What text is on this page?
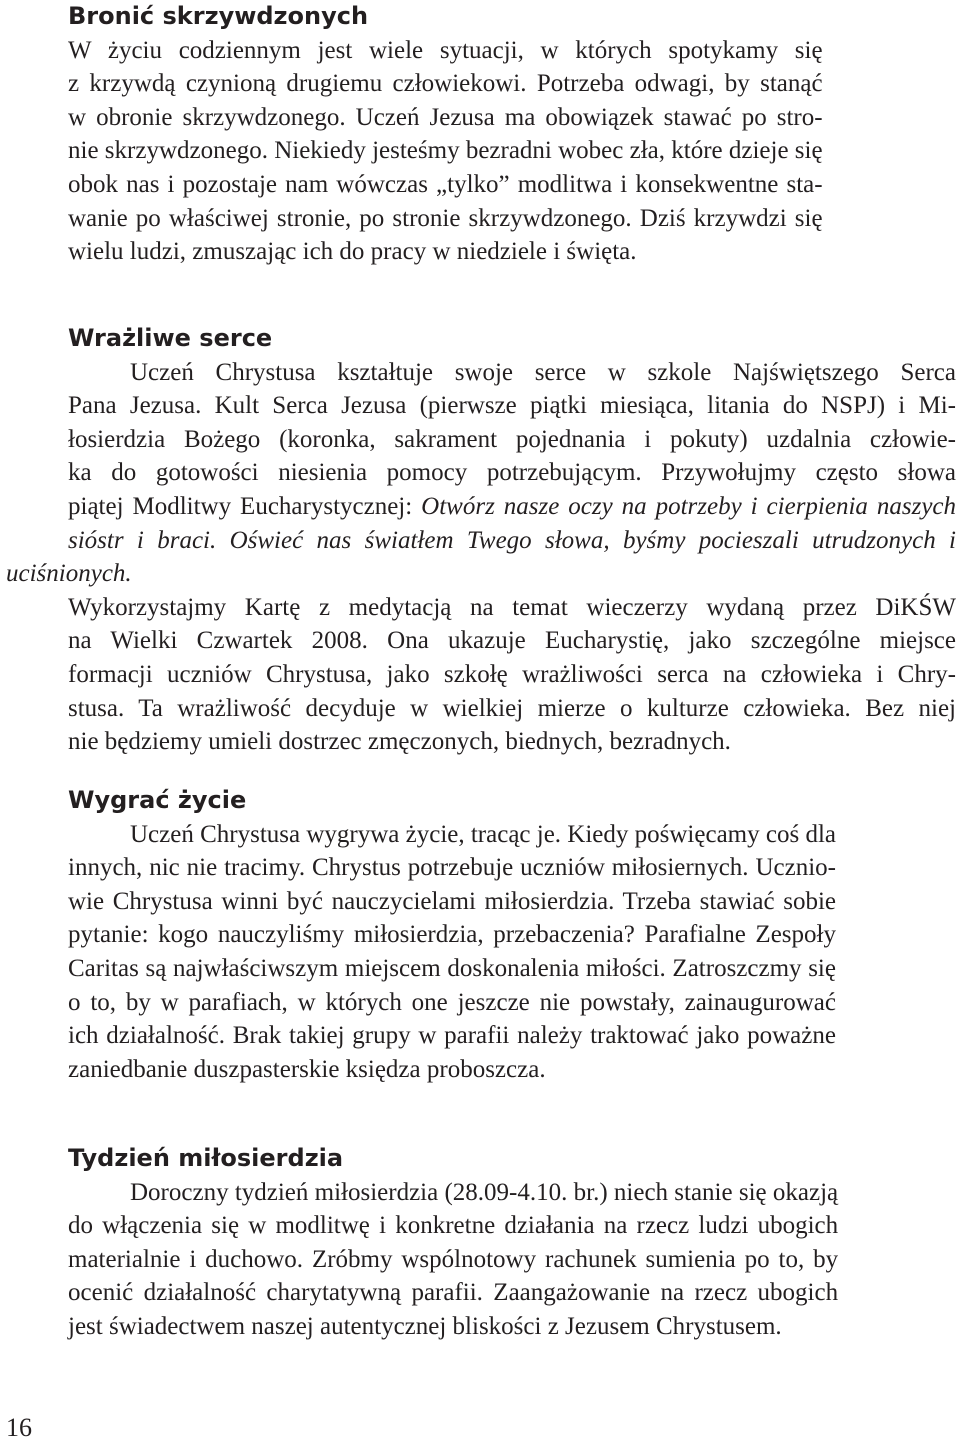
Bronić skrzywdzonych
W życiu codziennym jest wiele sytuacji, w których spotykamy się
z krzywdą czynioną drugiemu człowiekowi. Potrzeba odwagi, by stanąć
w obronie skrzywdzonego. Uczeń Jezusa ma obowiązek stawać po stro-
nie skrzywdzonego. Niekiedy jesteśmy bezradni wobec zła, które dzieje się
obok nas i pozostaje nam wówczas „tylko” modlitwa i konsekwentne sta-
wanie po właściwej stronie, po stronie skrzywdzonego. Dziś krzywdzi się
wielu ludzi, zmuszając ich do pracy w niedziele i święta.
Wrażliwe serce
Uczeń Chrystusa kształtuje swoje serce w szkole Najświętszego Serca
Pana Jezusa. Kult Serca Jezusa (pierwsze piątki miesiąca, litania do NSPJ) i Mi-
łosierdzia Bożego (koronka, sakrament pojednania i pokuty) uzdalnia człowie-
ka do gotowości niesienia pomocy potrzebującym. Przywołujmy często słowa
piątej Modlitwy Eucharystycznej: Otwórz nasze oczy na potrzeby i cierpienia naszych
sióstr i braci. Oświeć nas światłem Twego słowa, byśmy pocieszali utrudzonych i uciśnionych.
Wykorzystajmy Kartę z medytacją na temat wieczerzy wydaną przez DiKŚW
na Wielki Czwartek 2008. Ona ukazuje Eucharystię, jako szczególne miejsce
formacji uczniów Chrystusa, jako szkołę wrażliwości serca na człowieka i Chry-
stusa. Ta wrażliwość decyduje w wielkiej mierze o kulturze człowieka. Bez niej
nie będziemy umieli dostrzec zmęczonych, biednych, bezradnych.
Wygrać życie
Uczeń Chrystusa wygrywa życie, tracąc je. Kiedy poświęcamy coś dla
innych, nic nie tracimy. Chrystus potrzebuje uczniów miłosiernych. Ucznio-
wie Chrystusa winni być nauczycielami miłosierdzia. Trzeba stawiać sobie
pytanie: kogo nauczyliśmy miłosierdzia, przebaczenia? Parafialne Zespoły
Caritas są najwłaściwszym miejscem doskonalenia miłości. Zatroszczmy się
o to, by w parafiach, w których one jeszcze nie powstały, zainaugurować
ich działalność. Brak takiej grupy w parafii należy traktować jako poważne
zaniedbanie duszpasterskie księdza proboszcza.
Tydzień miłosierdzia
Doroczny tydzień miłosierdzia (28.09-4.10. br.) niech stanie się okazją
do włączenia się w modlitwę i konkretne działania na rzecz ludzi ubogich
materialnie i duchowo. Zróbmy wspólnotowy rachunek sumienia po to, by
ocenić działalność charytatywną parafii. Zaangażowanie na rzecz ubogich
jest świadectwem naszej autentycznej bliskości z Jezusem Chrystusem.
16
